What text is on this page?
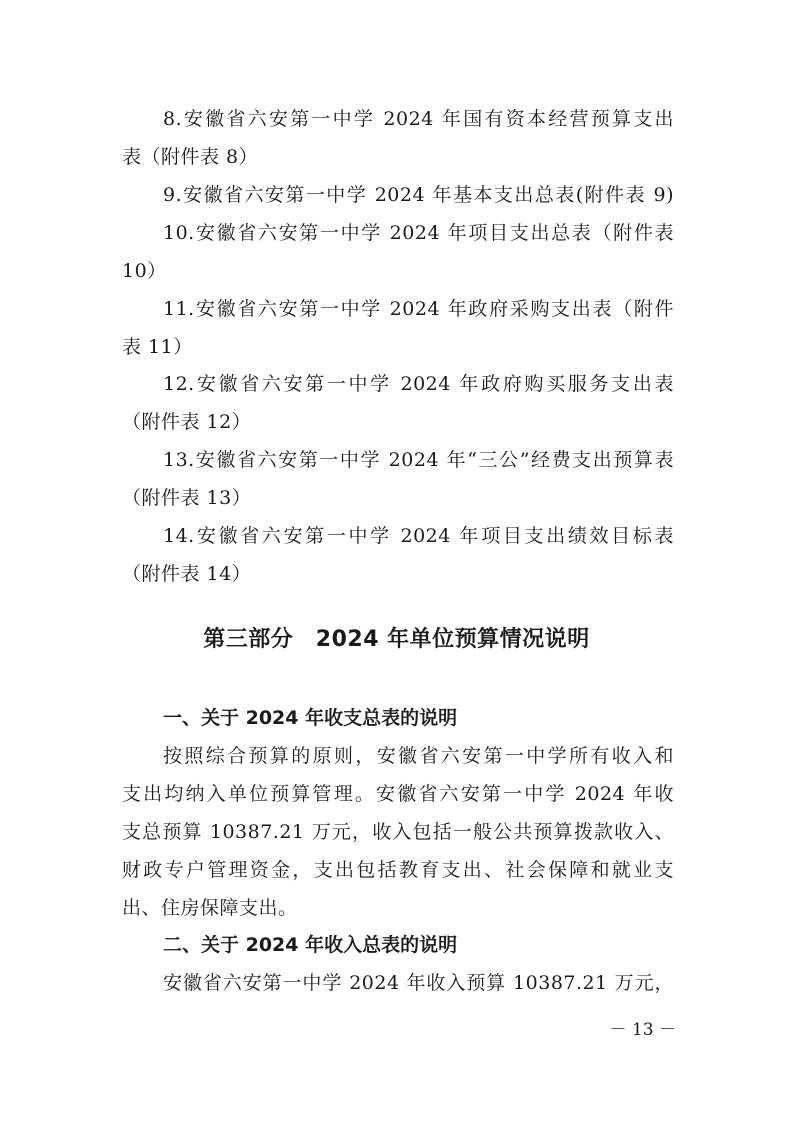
8.安徽省六安第一中学 2024 年国有资本经营预算支出
表（附件表 8）
9.安徽省六安第一中学 2024 年基本支出总表(附件表 9)
10.安徽省六安第一中学 2024 年项目支出总表（附件表
10）
11.安徽省六安第一中学 2024 年政府采购支出表（附件
表 11）
12.安徽省六安第一中学 2024 年政府购买服务支出表
（附件表 12）
13.安徽省六安第一中学 2024 年“三公”经费支出预算表
（附件表 13）
14.安徽省六安第一中学 2024 年项目支出绩效目标表
（附件表 14）
第三部分　2024 年单位预算情况说明
一、关于 2024 年收支总表的说明
按照综合预算的原则，安徽省六安第一中学所有收入和
支出均纳入单位预算管理。安徽省六安第一中学 2024 年收
支总预算 10387.21 万元，收入包括一般公共预算拨款收入、
财政专户管理资金，支出包括教育支出、社会保障和就业支
出、住房保障支出。
二、关于 2024 年收入总表的说明
安徽省六安第一中学 2024 年收入预算 10387.21 万元，
－ 13 －
